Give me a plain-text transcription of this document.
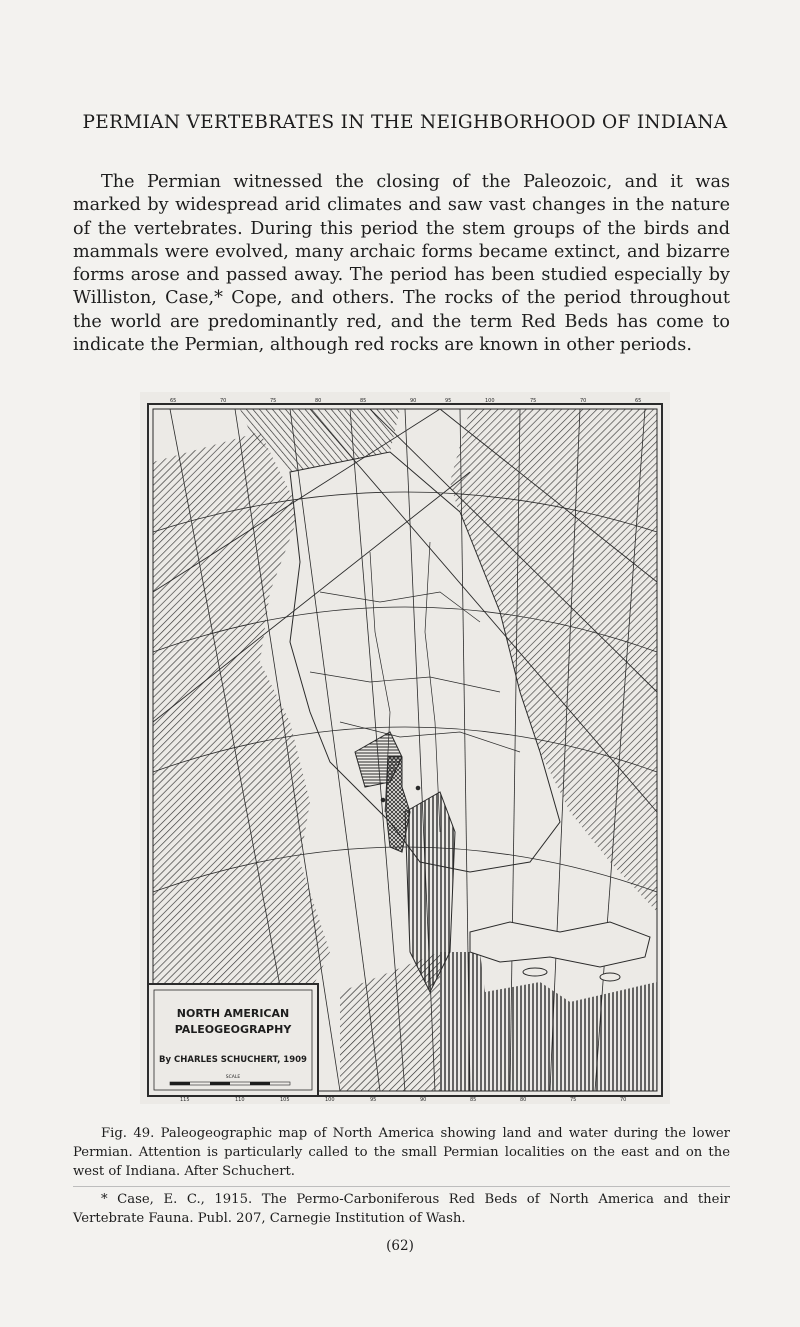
PERMIAN VERTEBRATES IN THE NEIGHBORHOOD OF INDIANA

The Permian witnessed the closing of the Paleozoic, and it was marked by widespread arid climates and saw vast changes in the nature of the vertebrates. During this period the stem groups of the birds and mammals were evolved, many archaic forms became extinct, and bizarre forms arose and passed away. The period has been studied especially by Williston, Case,* Cope, and others. The rocks of the period throughout the world are predominantly red, and the term Red Beds has come to indicate the Permian, although red rocks are known in other periods.

65	70	75	80	85	90	95	100	75	70	65
115	110	105	100	95	90	85	80	75	70
NORTH AMERICAN
PALEOGEOGRAPHY
By CHARLES SCHUCHERT, 1909
SCALE

Fig. 49. Paleogeographic map of North America showing land and water during the lower Permian. Attention is particularly called to the small Permian localities on the east and on the west of Indiana. After Schuchert.

* Case, E. C., 1915. The Permo-Carboniferous Red Beds of North America and their Vertebrate Fauna. Publ. 207, Carnegie Institution of Wash.

(62)
